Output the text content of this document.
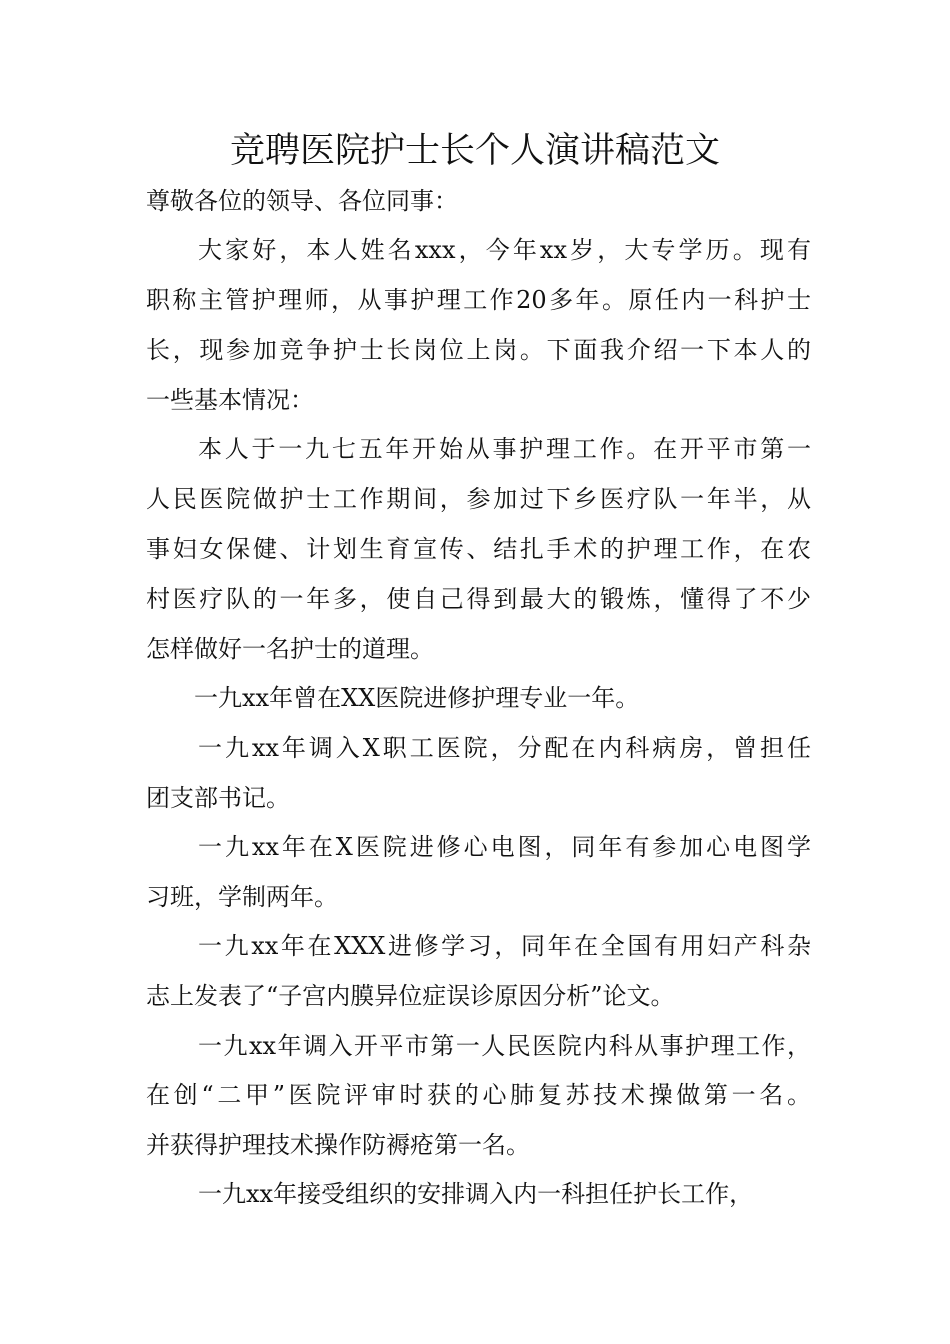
竞聘医院护士长个人演讲稿范文
尊敬各位的领导、各位同事：
大家好，本人姓名xxx，今年xx岁，大专学历。现有
职称主管护理师，从事护理工作20多年。原任内一科护士
长，现参加竞争护士长岗位上岗。下面我介绍一下本人的
一些基本情况：
本人于一九七五年开始从事护理工作。在开平市第一
人民医院做护士工作期间，参加过下乡医疗队一年半，从
事妇女保健、计划生育宣传、结扎手术的护理工作，在农
村医疗队的一年多，使自己得到最大的锻炼，懂得了不少
怎样做好一名护士的道理。
一九xx年曾在XX医院进修护理专业一年。
一九xx年调入X职工医院，分配在内科病房，曾担任
团支部书记。
一九xx年在X医院进修心电图，同年有参加心电图学
习班，学制两年。
一九xx年在XXX进修学习，同年在全国有用妇产科杂
志上发表了“子宫内膜异位症误诊原因分析”论文。
一九xx年调入开平市第一人民医院内科从事护理工作，
在创“二甲”医院评审时获的心肺复苏技术操做第一名。
并获得护理技术操作防褥疮第一名。
一九xx年接受组织的安排调入内一科担任护长工作，
